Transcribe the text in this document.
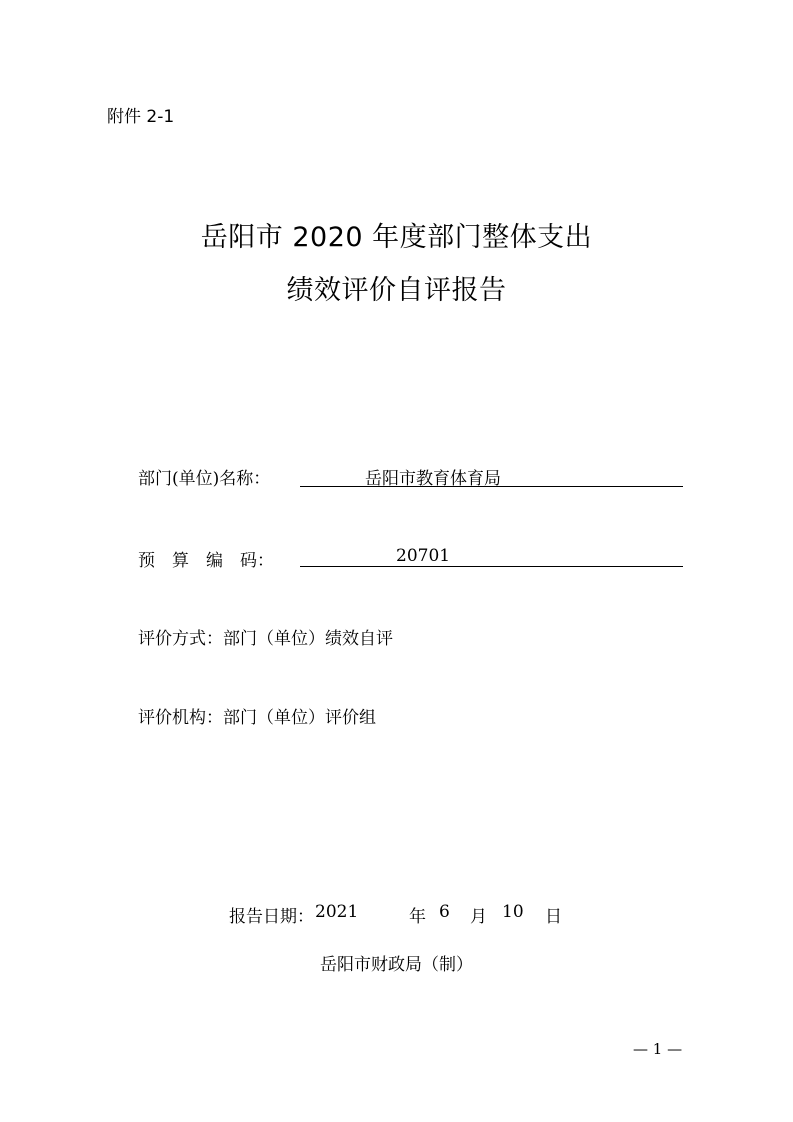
附件 2-1
岳阳市 2020 年度部门整体支出
绩效评价自评报告
部门(单位)名称：	岳阳市教育体育局
预　算　编　码：	20701
评价方式：部门（单位）绩效自评
评价机构：部门（单位）评价组
报告日期： 2021	年 6 月 10 日
岳阳市财政局（制）
— 1 —
